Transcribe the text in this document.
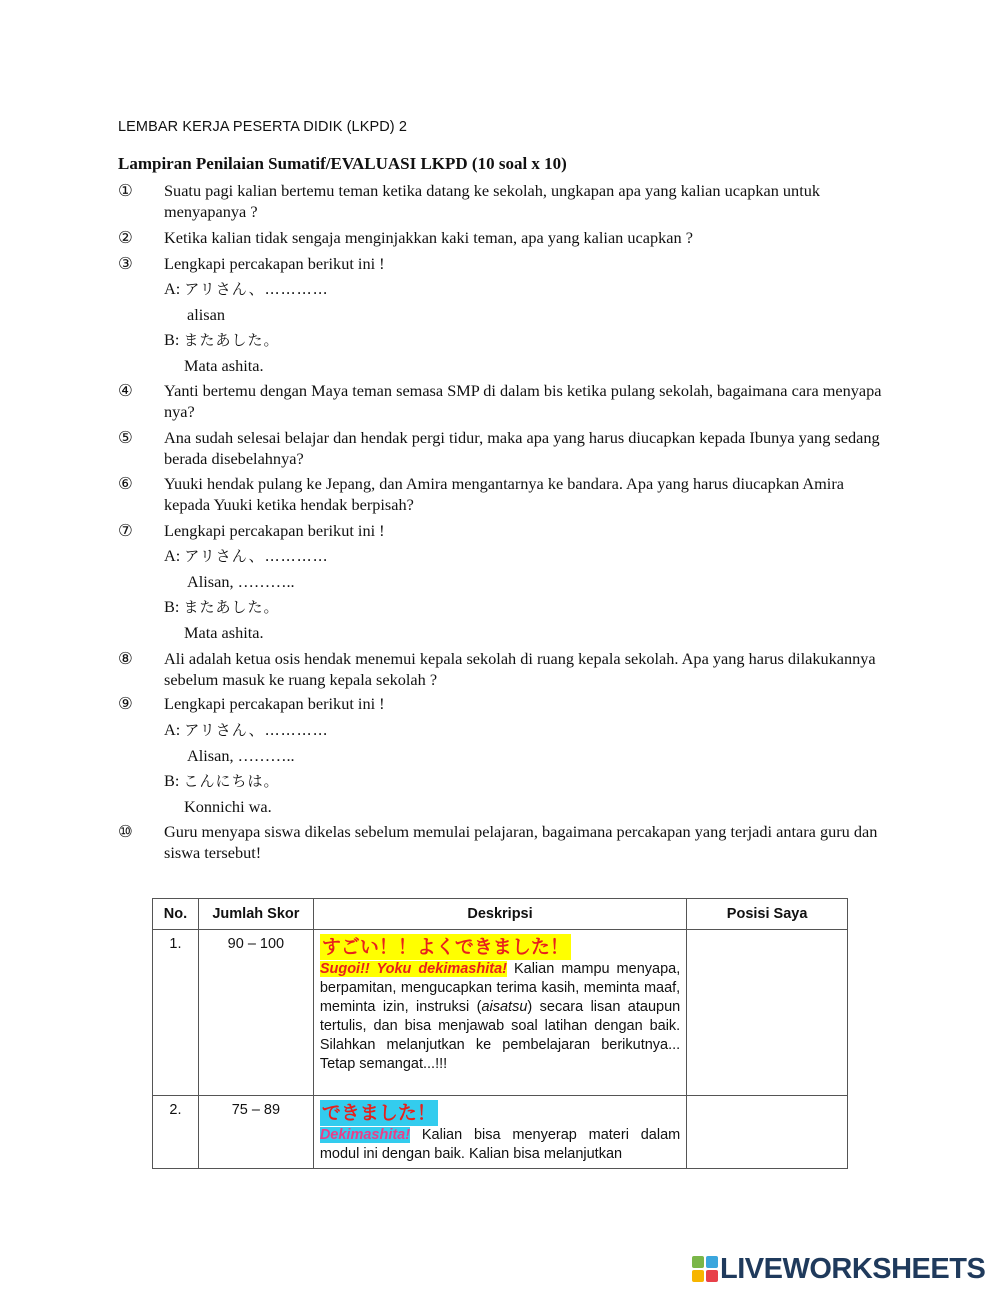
LEMBAR KERJA PESERTA DIDIK (LKPD) 2
Lampiran Penilaian Sumatif/EVALUASI LKPD (10 soal x 10)
①	Suatu pagi kalian bertemu teman ketika datang ke sekolah, ungkapan apa yang kalian ucapkan untuk menyapanya ?
②	Ketika kalian tidak sengaja menginjakkan kaki teman, apa yang kalian ucapkan ?
③	Lengkapi percakapan berikut ini !
A: アリさん、…………
alisan
B: またあした。
Mata ashita.
④	Yanti bertemu dengan Maya teman semasa SMP di dalam bis ketika pulang sekolah, bagaimana cara menyapa nya?
⑤	Ana sudah selesai belajar dan hendak pergi tidur, maka apa yang harus diucapkan kepada Ibunya yang sedang berada disebelahnya?
⑥	Yuuki hendak pulang ke Jepang, dan Amira mengantarnya ke bandara. Apa yang harus diucapkan Amira kepada Yuuki ketika hendak berpisah?
⑦	Lengkapi percakapan berikut ini !
A: アリさん、…………
Alisan, ………..
B: またあした。
Mata ashita.
⑧	Ali adalah ketua osis hendak menemui kepala sekolah di ruang kepala sekolah. Apa yang harus dilakukannya sebelum masuk ke ruang kepala sekolah ?
⑨	Lengkapi percakapan berikut ini !
A: アリさん、…………
Alisan, ………..
B: こんにちは。
Konnichi wa.
⑩	Guru menyapa siswa dikelas sebelum memulai pelajaran, bagaimana percakapan yang terjadi antara guru dan siswa tersebut!
No.	Jumlah Skor	Deskripsi	Posisi Saya
1.	90 – 100	すごい！！よくできました！
Sugoi!! Yoku dekimashita! Kalian mampu menyapa, berpamitan, mengucapkan terima kasih, meminta maaf, meminta izin, instruksi (aisatsu) secara lisan ataupun tertulis, dan bisa menjawab soal latihan dengan baik. Silahkan melanjutkan ke pembelajaran berikutnya... Tetap semangat...!!!	

2.	75 – 89	できました！
Dekimashita! Kalian bisa menyerap materi dalam modul ini dengan baik. Kalian bisa melanjutkan	

LIVEWORKSHEETS
